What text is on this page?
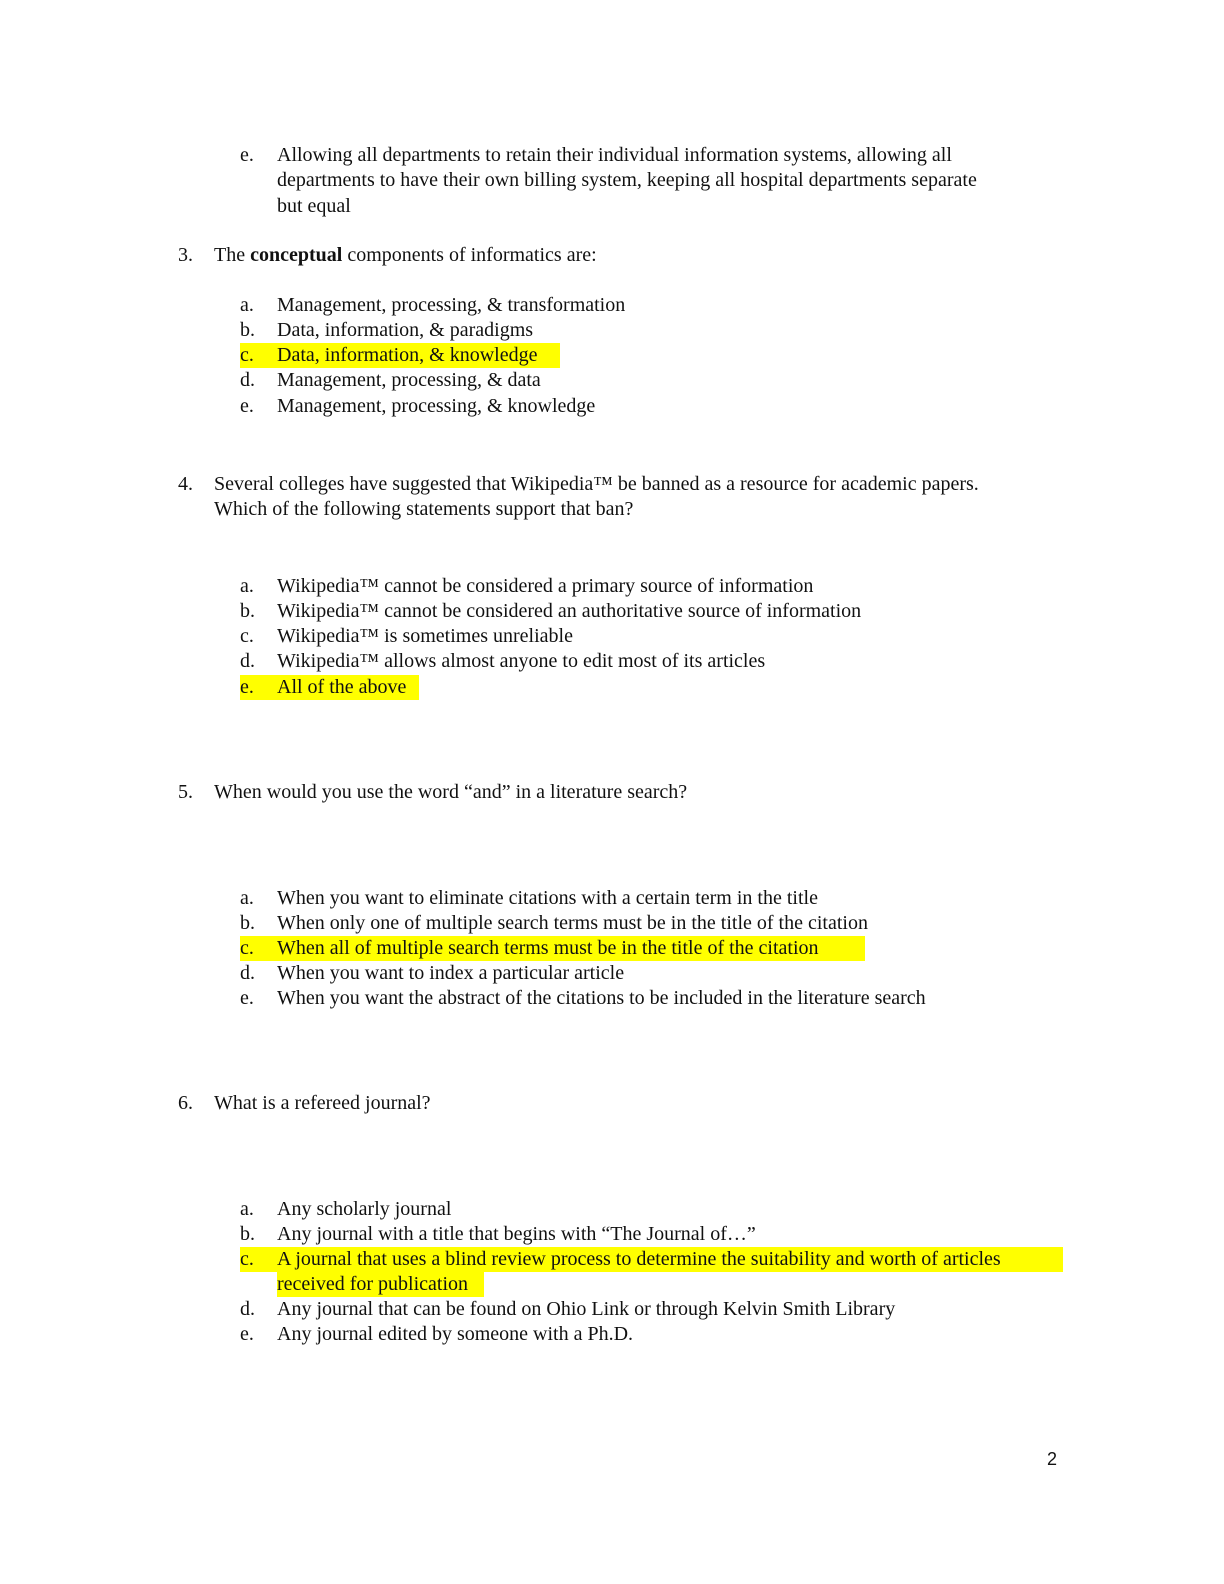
e. Allowing all departments to retain their individual information systems, allowing all
departments to have their own billing system, keeping all hospital departments separate
but equal
3. The conceptual components of informatics are:
a. Management, processing, & transformation
b. Data, information, & paradigms
c. Data, information, & knowledge
d. Management, processing, & data
e. Management, processing, & knowledge
4. Several colleges have suggested that Wikipedia™ be banned as a resource for academic papers.
Which of the following statements support that ban?
a. Wikipedia™ cannot be considered a primary source of information
b. Wikipedia™ cannot be considered an authoritative source of information
c. Wikipedia™ is sometimes unreliable
d. Wikipedia™ allows almost anyone to edit most of its articles
e. All of the above
5. When would you use the word “and” in a literature search?
a. When you want to eliminate citations with a certain term in the title
b. When only one of multiple search terms must be in the title of the citation
c. When all of multiple search terms must be in the title of the citation
d. When you want to index a particular article
e. When you want the abstract of the citations to be included in the literature search
6. What is a refereed journal?
a. Any scholarly journal
b. Any journal with a title that begins with “The Journal of…”
c. A journal that uses a blind review process to determine the suitability and worth of articles
received for publication
d. Any journal that can be found on Ohio Link or through Kelvin Smith Library
e. Any journal edited by someone with a Ph.D.
2
